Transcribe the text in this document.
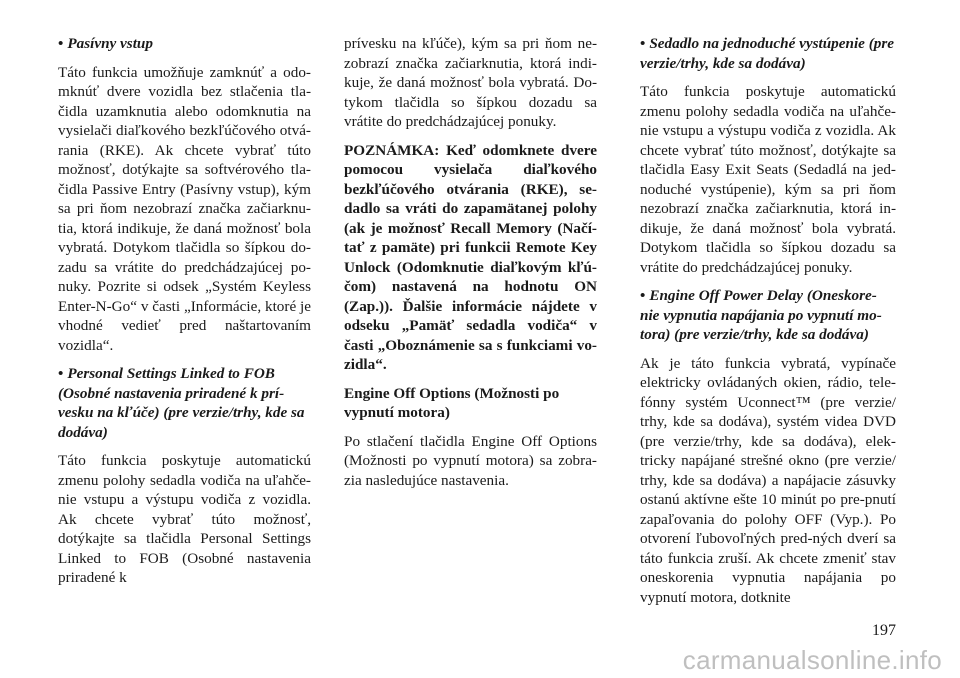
• Pasívny vstup

Táto funkcia umožňuje zamknúť a odo-mknúť dvere vozidla bez stlačenia tla-čidla uzamknutia alebo odomknutia na vysielači diaľkového bezkľúčového otvá-rania (RKE). Ak chcete vybrať túto možnosť, dotýkajte sa softvérového tla-čidla Passive Entry (Pasívny vstup), kým sa pri ňom nezobrazí značka začiarknu-tia, ktorá indikuje, že daná možnosť bola vybratá. Dotykom tlačidla so šípkou do-zadu sa vrátite do predchádzajúcej po-nuky. Pozrite si odsek „Systém Keyless Enter-N-Go“ v časti „Informácie, ktoré je vhodné vedieť pred naštartovaním vozidla“.

• Personal Settings Linked to FOB (Osobné nastavenia priradené k prí-vesku na kľúče) (pre verzie/trhy, kde sa dodáva)

Táto funkcia poskytuje automatickú zmenu polohy sedadla vodiča na uľahče-nie vstupu a výstupu vodiča z vozidla. Ak chcete vybrať túto možnosť, dotýkajte sa tlačidla Personal Settings Linked to FOB (Osobné nastavenia priradené k

prívesku na kľúče), kým sa pri ňom ne-zobrazí značka začiarknutia, ktorá indi-kuje, že daná možnosť bola vybratá. Do-tykom tlačidla so šípkou dozadu sa vrátite do predchádzajúcej ponuky.

POZNÁMKA: Keď odomknete dvere pomocou vysielača diaľkového bezkľúčového otvárania (RKE), se-dadlo sa vráti do zapamätanej polohy (ak je možnosť Recall Memory (Načí-tať z pamäte) pri funkcii Remote Key Unlock (Odomknutie diaľkovým kľú-čom) nastavená na hodnotu ON (Zap.)). Ďalšie informácie nájdete v odseku „Pamäť sedadla vodiča“ v časti „Oboznámenie sa s funkciami vo-zidla“.

Engine Off Options (Možnosti po vypnutí motora)

Po stlačení tlačidla Engine Off Options (Možnosti po vypnutí motora) sa zobra-zia nasledujúce nastavenia.

• Sedadlo na jednoduché vystúpenie (pre verzie/trhy, kde sa dodáva)

Táto funkcia poskytuje automatickú zmenu polohy sedadla vodiča na uľahče-nie vstupu a výstupu vodiča z vozidla. Ak chcete vybrať túto možnosť, dotýkajte sa tlačidla Easy Exit Seats (Sedadlá na jed-noduché vystúpenie), kým sa pri ňom nezobrazí značka začiarknutia, ktorá in-dikuje, že daná možnosť bola vybratá. Dotykom tlačidla so šípkou dozadu sa vrátite do predchádzajúcej ponuky.

• Engine Off Power Delay (Oneskore-nie vypnutia napájania po vypnutí mo-tora) (pre verzie/trhy, kde sa dodáva)

Ak je táto funkcia vybratá, vypínače elektricky ovládaných okien, rádio, tele-fónny systém Uconnect™ (pre verzie/ trhy, kde sa dodáva), systém videa DVD (pre verzie/trhy, kde sa dodáva), elek-tricky napájané strešné okno (pre verzie/ trhy, kde sa dodáva) a napájacie zásuvky ostanú aktívne ešte 10 minút po pre-pnutí zapaľovania do polohy OFF (Vyp.). Po otvorení ľubovoľných pred-ných dverí sa táto funkcia zruší. Ak chcete zmeniť stav oneskorenia vypnutia napájania po vypnutí motora, dotknite

197
carmanualsonline.info
